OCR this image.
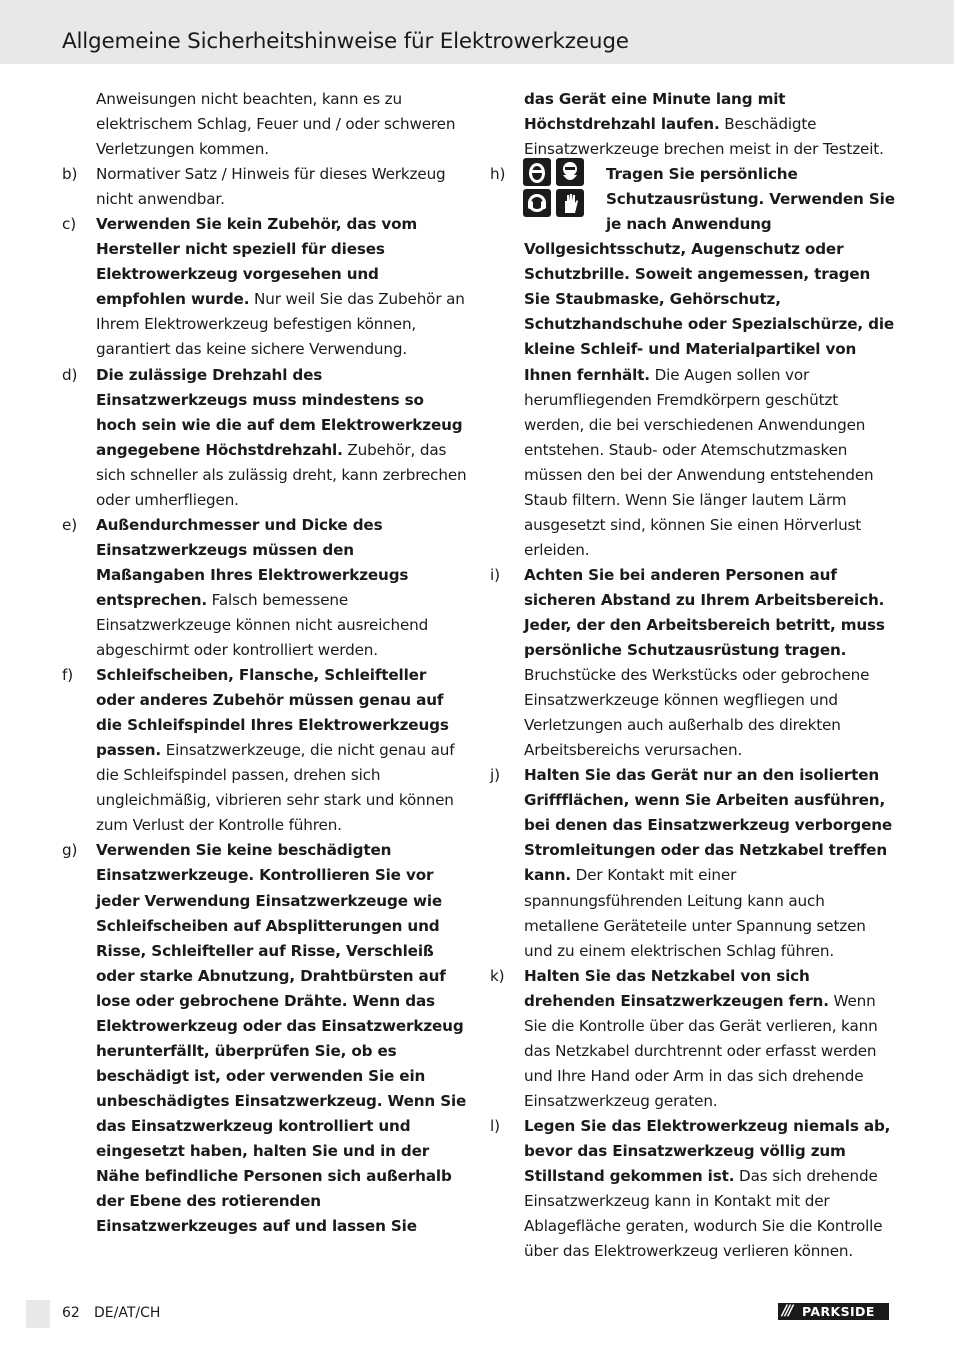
Allgemeine Sicherheitshinweise für Elektrowerkzeuge
Anweisungen nicht beachten, kann es zu elektrischem Schlag, Feuer und / oder schweren Verletzungen kommen.
b) Normativer Satz / Hinweis für dieses Werkzeug nicht anwendbar.
c) Verwenden Sie kein Zubehör, das vom Hersteller nicht speziell für dieses Elektrowerkzeug vorgesehen und empfohlen wurde. Nur weil Sie das Zubehör an Ihrem Elektrowerkzeug befestigen können, garantiert das keine sichere Verwendung.
d) Die zulässige Drehzahl des Einsatzwerkzeugs muss mindestens so hoch sein wie die auf dem Elektrowerkzeug angegebene Höchstdrehzahl. Zubehör, das sich schneller als zulässig dreht, kann zerbrechen oder umherfliegen.
e) Außendurchmesser und Dicke des Einsatzwerkzeugs müssen den Maßangaben Ihres Elektrowerkzeugs entsprechen. Falsch bemessene Einsatzwerkzeuge können nicht ausreichend abgeschirmt oder kontrolliert werden.
f) Schleifscheiben, Flansche, Schleifteller oder anderes Zubehör müssen genau auf die Schleifspindel Ihres Elektrowerkzeugs passen. Einsatzwerkzeuge, die nicht genau auf die Schleifspindel passen, drehen sich ungleichmäßig, vibrieren sehr stark und können zum Verlust der Kontrolle führen.
g) Verwenden Sie keine beschädigten Einsatzwerkzeuge. Kontrollieren Sie vor jeder Verwendung Einsatzwerkzeuge wie Schleifscheiben auf Absplitterungen und Risse, Schleifteller auf Risse, Verschleiß oder starke Abnutzung, Drahtbürsten auf lose oder gebrochene Drähte. Wenn das Elektrowerkzeug oder das Einsatzwerkzeug herunterfällt, überprüfen Sie, ob es beschädigt ist, oder verwenden Sie ein unbeschädigtes Einsatzwerkzeug. Wenn Sie das Einsatzwerkzeug kontrolliert und eingesetzt haben, halten Sie und in der Nähe befindliche Personen sich außerhalb der Ebene des rotierenden Einsatzwerkzeuges auf und lassen Sie
das Gerät eine Minute lang mit Höchstdrehzahl laufen. Beschädigte Einsatzwerkzeuge brechen meist in der Testzeit.
h)	Tragen Sie persönliche Schutzausrüstung. Verwenden Sie je nach Anwendung Vollgesichtsschutz, Augenschutz oder Schutzbrille. Soweit angemessen, tragen Sie Staubmaske, Gehörschutz, Schutzhandschuhe oder Spezialschürze, die kleine Schleif- und Materialpartikel von Ihnen fernhält. Die Augen sollen vor herumfliegenden Fremdkörpern geschützt werden, die bei verschiedenen Anwendungen entstehen. Staub- oder Atemschutzmasken müssen den bei der Anwendung entstehenden Staub filtern. Wenn Sie länger lautem Lärm ausgesetzt sind, können Sie einen Hörverlust erleiden.
i) Achten Sie bei anderen Personen auf sicheren Abstand zu Ihrem Arbeitsbereich. Jeder, der den Arbeitsbereich betritt, muss persönliche Schutzausrüstung tragen. Bruchstücke des Werkstücks oder gebrochene Einsatzwerkzeuge können wegfliegen und Verletzungen auch außerhalb des direkten Arbeitsbereichs verursachen.
j) Halten Sie das Gerät nur an den isolierten Griffflächen, wenn Sie Arbeiten ausführen, bei denen das Einsatzwerkzeug verborgene Stromleitungen oder das Netzkabel treffen kann. Der Kontakt mit einer spannungsführenden Leitung kann auch metallene Geräteteile unter Spannung setzen und zu einem elektrischen Schlag führen.
k) Halten Sie das Netzkabel von sich drehenden Einsatzwerkzeugen fern. Wenn Sie die Kontrolle über das Gerät verlieren, kann das Netzkabel durchtrennt oder erfasst werden und Ihre Hand oder Arm in das sich drehende Einsatzwerkzeug geraten.
l) Legen Sie das Elektrowerkzeug niemals ab, bevor das Einsatzwerkzeug völlig zum Stillstand gekommen ist. Das sich drehende Einsatzwerkzeug kann in Kontakt mit der Ablagefläche geraten, wodurch Sie die Kontrolle über das Elektrowerkzeug verlieren können.
62 DE/AT/CH	/// PARKSIDE
